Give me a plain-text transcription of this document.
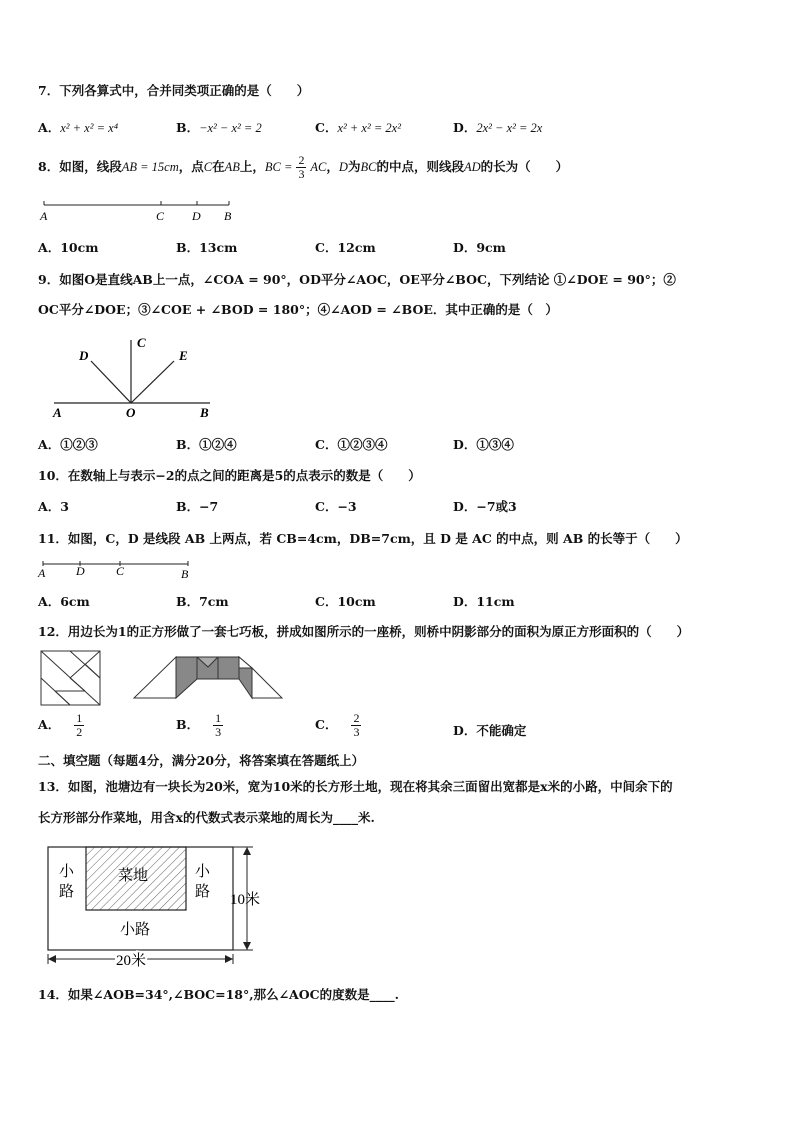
7．下列各算式中，合并同类项正确的是（　　）
A．x² + x² = x⁴	B．−x² − x² = 2	C．x² + x² = 2x²	D．2x² − x² = 2x
8．如图，线段AB = 15cm，点C在AB上，BC = $\frac{2}{3}$ AC，D为BC的中点，则线段AD的长为（　　）
A	C D B
A．10cm	B．13cm	C．12cm	D．9cm
9．如图O是直线AB上一点，∠COA = 90°，OD平分∠AOC，OE平分∠BOC，下列结论 ①∠DOE = 90°；②
OC平分∠DOE；③∠COE + ∠BOD = 180°；④∠AOD = ∠BOE．其中正确的是（　）
D
C
E
A	O	B
A．①②③	B．①②④	C．①②③④	D．①③④
10．在数轴上与表示−2的点之间的距离是5的点表示的数是（　　）
A．3	B．−7	C．−3	D．−7或3
11．如图，C，D 是线段 AB 上两点，若 CB=4cm，DB=7cm，且 D 是 AC 的中点，则 AB 的长等于（　　）
A	D	C	B
A．6cm	B．7cm	C．10cm	D．11cm
12．用边长为1的正方形做了一套七巧板，拼成如图所示的一座桥，则桥中阴影部分的面积为原正方形面积的（　　）
A． $\frac{1}{2}$	B． $\frac{1}{3}$	C． $\frac{2}{3}$	D．不能确定
二、填空题（每题4分，满分20分，将答案填在答题纸上）
13．如图，池塘边有一块长为20米，宽为10米的长方形土地，现在将其余三面留出宽都是x米的小路，中间余下的
长方形部分作菜地，用含x的代数式表示菜地的周长为____米.
菜地
小
路
小
路
小路
10米
20米
14．如果∠AOB=34°,∠BOC=18°,那么∠AOC的度数是____.
